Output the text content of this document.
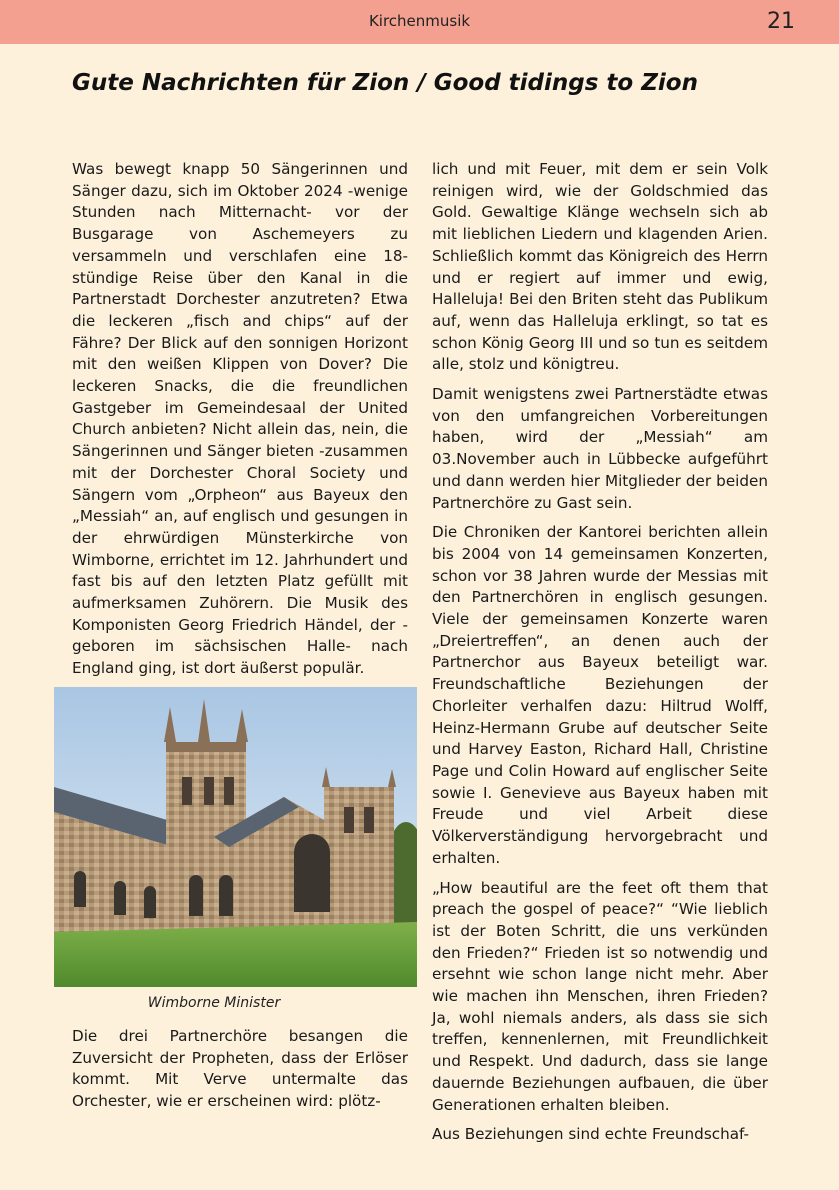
Kirchenmusik	21
Gute Nachrichten für Zion / Good tidings to Zion

Was bewegt knapp 50 Sängerinnen und Sänger dazu, sich im Oktober 2024 -wenige Stunden nach Mitternacht- vor der Busgarage von Aschemeyers zu versammeln und verschlafen eine 18-stündige Reise über den Kanal in die Partnerstadt Dorchester anzutreten? Etwa die leckeren „fisch and chips“ auf der Fähre? Der Blick auf den sonnigen Horizont mit den weißen Klippen von Dover? Die leckeren Snacks, die die freundlichen Gastgeber im Gemeindesaal der United Church anbieten? Nicht allein das, nein, die Sängerinnen und Sänger bieten -zusammen mit der Dorchester Choral Society und Sängern vom „Orpheon“ aus Bayeux den „Messiah“ an, auf englisch und gesungen in der ehrwürdigen Münsterkirche von Wimborne, errichtet im 12. Jahrhundert und fast bis auf den letzten Platz gefüllt mit aufmerksamen Zuhörern. Die Musik des Komponisten Georg Friedrich Händel, der -geboren im sächsischen Halle- nach England ging, ist dort äußerst populär.

Wimborne Minister

Die drei Partnerchöre besangen die Zuversicht der Propheten, dass der Erlöser kommt. Mit Verve untermalte das Orchester, wie er erscheinen wird: plötz-

lich und mit Feuer, mit dem er sein Volk reinigen wird, wie der Goldschmied das Gold. Gewaltige Klänge wechseln sich ab mit lieblichen Liedern und klagenden Arien. Schließlich kommt das Königreich des Herrn und er regiert auf immer und ewig, Halleluja! Bei den Briten steht das Publikum auf, wenn das Halleluja erklingt, so tat es schon König Georg III und so tun es seitdem alle, stolz und königtreu.

Damit wenigstens zwei Partnerstädte etwas von den umfangreichen Vorbereitungen haben, wird der „Messiah“ am 03.November auch in Lübbecke aufgeführt und dann werden hier Mitglieder der beiden Partnerchöre zu Gast sein.

Die Chroniken der Kantorei berichten allein bis 2004 von 14 gemeinsamen Konzerten, schon vor 38 Jahren wurde der Messias mit den Partnerchören in englisch gesungen. Viele der gemeinsamen Konzerte waren „Dreiertreffen“, an denen auch der Partnerchor aus Bayeux beteiligt war. Freundschaftliche Beziehungen der Chorleiter verhalfen dazu: Hiltrud Wolff, Heinz-Hermann Grube auf deutscher Seite und Harvey Easton, Richard Hall, Christine Page und Colin Howard auf englischer Seite sowie I. Genevieve aus Bayeux haben mit Freude und viel Arbeit diese Völkerverständigung hervorgebracht und erhalten.

„How beautiful are the feet oft them that preach the gospel of peace?“ “Wie lieblich ist der Boten Schritt, die uns verkünden den Frieden?“ Frieden ist so notwendig und ersehnt wie schon lange nicht mehr. Aber wie machen ihn Menschen, ihren Frieden? Ja, wohl niemals anders, als dass sie sich treffen, kennenlernen, mit Freundlichkeit und Respekt. Und dadurch, dass sie lange dauernde Beziehungen aufbauen, die über Generationen erhalten bleiben.

Aus Beziehungen sind echte Freundschaf-
